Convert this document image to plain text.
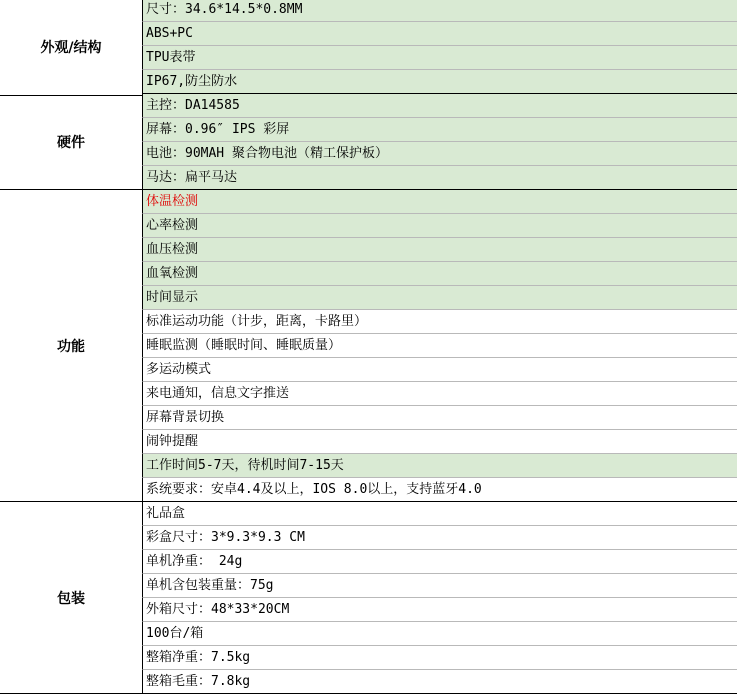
外观/结构
尺寸：34.6*14.5*0.8MM
ABS+PC
TPU表带
IP67,防尘防水
硬件
主控：DA14585
屏幕：0.96″ IPS 彩屏
电池：90MAH 聚合物电池（精工保护板）
马达：扁平马达
功能
体温检测
心率检测
血压检测
血氧检测
时间显示
标准运动功能（计步，距离，卡路里）
睡眠监测（睡眠时间、睡眠质量）
多运动模式
来电通知，信息文字推送
屏幕背景切换
闹钟提醒
工作时间5-7天，待机时间7-15天
系统要求：安卓4.4及以上，IOS 8.0以上，支持蓝牙4.0
包装
礼品盒
彩盒尺寸：3*9.3*9.3 CM
单机净重： 24g
单机含包装重量：75g
外箱尺寸：48*33*20CM
100台/箱
整箱净重：7.5kg
整箱毛重：7.8kg
